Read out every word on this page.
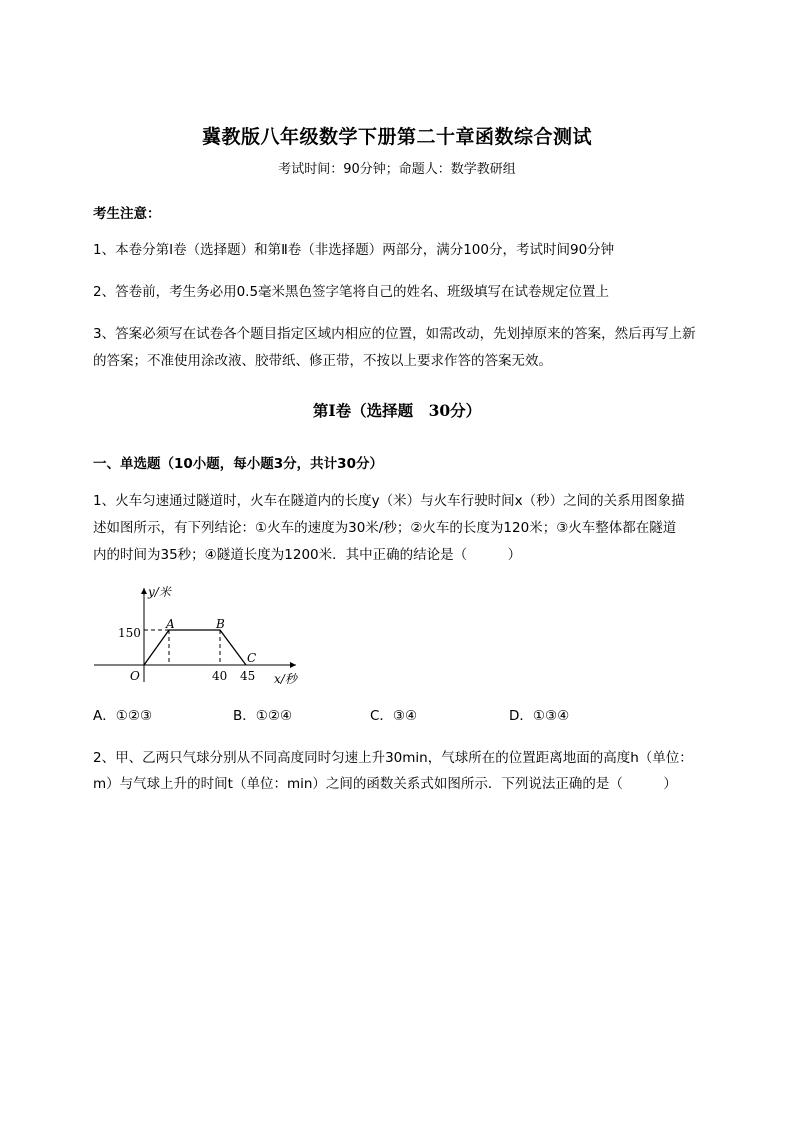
冀教版八年级数学下册第二十章函数综合测试
考试时间：90分钟；命题人：数学教研组
考生注意：
1、本卷分第Ⅰ卷（选择题）和第Ⅱ卷（非选择题）两部分，满分100分，考试时间90分钟
2、答卷前，考生务必用0.5毫米黑色签字笔将自己的姓名、班级填写在试卷规定位置上
3、答案必须写在试卷各个题目指定区域内相应的位置，如需改动，先划掉原来的答案，然后再写上新的答案；不准使用涂改液、胶带纸、修正带，不按以上要求作答的答案无效。
第Ⅰ卷（选择题　30分）
一、单选题（10小题，每小题3分，共计30分）
1、火车匀速通过隧道时，火车在隧道内的长度y（米）与火车行驶时间x（秒）之间的关系用图象描
述如图所示，有下列结论：①火车的速度为30米/秒；②火车的长度为120米；③火车整体都在隧道
内的时间为35秒；④隧道长度为1200米．其中正确的结论是（　　　）
y/米
150
A	B
C
O	40 45 x/秒
A．①②③	B．①②④	C．③④	D．①③④
2、甲、乙两只气球分别从不同高度同时匀速上升30min，气球所在的位置距离地面的高度h（单位：
m）与气球上升的时间t（单位：min）之间的函数关系式如图所示．下列说法正确的是（　　　）
